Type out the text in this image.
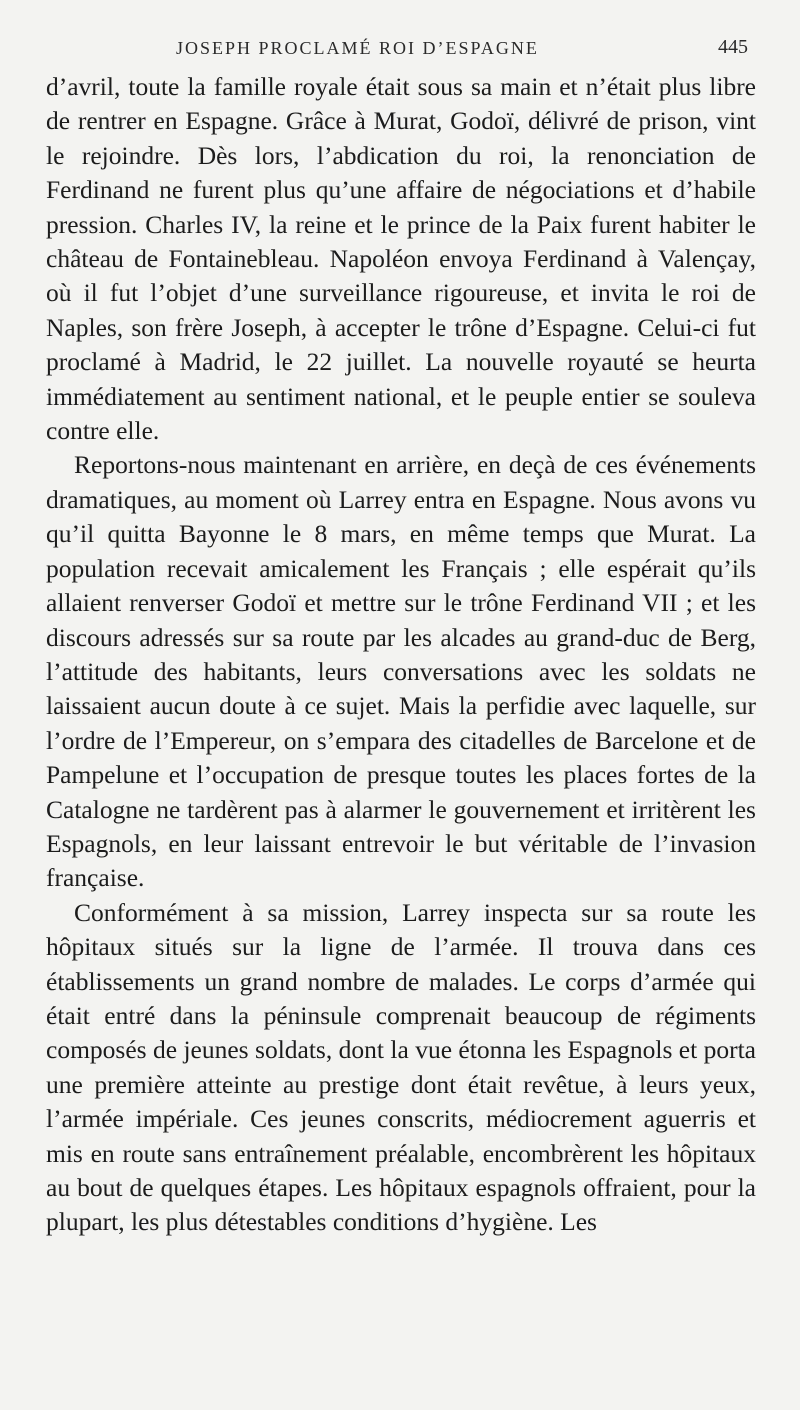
JOSEPH PROCLAMÉ ROI D’ESPAGNE	445

d’avril, toute la famille royale était sous sa main et n’était plus libre de rentrer en Espagne. Grâce à Murat, Godoï, délivré de prison, vint le rejoindre. Dès lors, l’abdication du roi, la renonciation de Ferdinand ne furent plus qu’une affaire de négociations et d’habile pression. Charles IV, la reine et le prince de la Paix furent habiter le château de Fontainebleau. Napoléon envoya Ferdinand à Valençay, où il fut l’objet d’une surveillance rigoureuse, et invita le roi de Naples, son frère Joseph, à accepter le trône d’Espagne. Celui-ci fut proclamé à Madrid, le 22 juillet. La nouvelle royauté se heurta immédiatement au sentiment national, et le peuple entier se souleva contre elle.

Reportons-nous maintenant en arrière, en deçà de ces événements dramatiques, au moment où Larrey entra en Espagne. Nous avons vu qu’il quitta Bayonne le 8 mars, en même temps que Murat. La population recevait amicalement les Français ; elle espérait qu’ils allaient renverser Godoï et mettre sur le trône Ferdinand VII ; et les discours adressés sur sa route par les alcades au grand-duc de Berg, l’attitude des habitants, leurs conversations avec les soldats ne laissaient aucun doute à ce sujet. Mais la perfidie avec laquelle, sur l’ordre de l’Empereur, on s’empara des citadelles de Barcelone et de Pampelune et l’occupation de presque toutes les places fortes de la Catalogne ne tardèrent pas à alarmer le gouvernement et irritèrent les Espagnols, en leur laissant entrevoir le but véritable de l’invasion française.

Conformément à sa mission, Larrey inspecta sur sa route les hôpitaux situés sur la ligne de l’armée. Il trouva dans ces établissements un grand nombre de malades. Le corps d’armée qui était entré dans la péninsule comprenait beaucoup de régiments composés de jeunes soldats, dont la vue étonna les Espagnols et porta une première atteinte au prestige dont était revêtue, à leurs yeux, l’armée impériale. Ces jeunes conscrits, médiocrement aguerris et mis en route sans entraînement préalable, encombrèrent les hôpitaux au bout de quelques étapes. Les hôpitaux espagnols offraient, pour la plupart, les plus détestables conditions d’hygiène. Les
